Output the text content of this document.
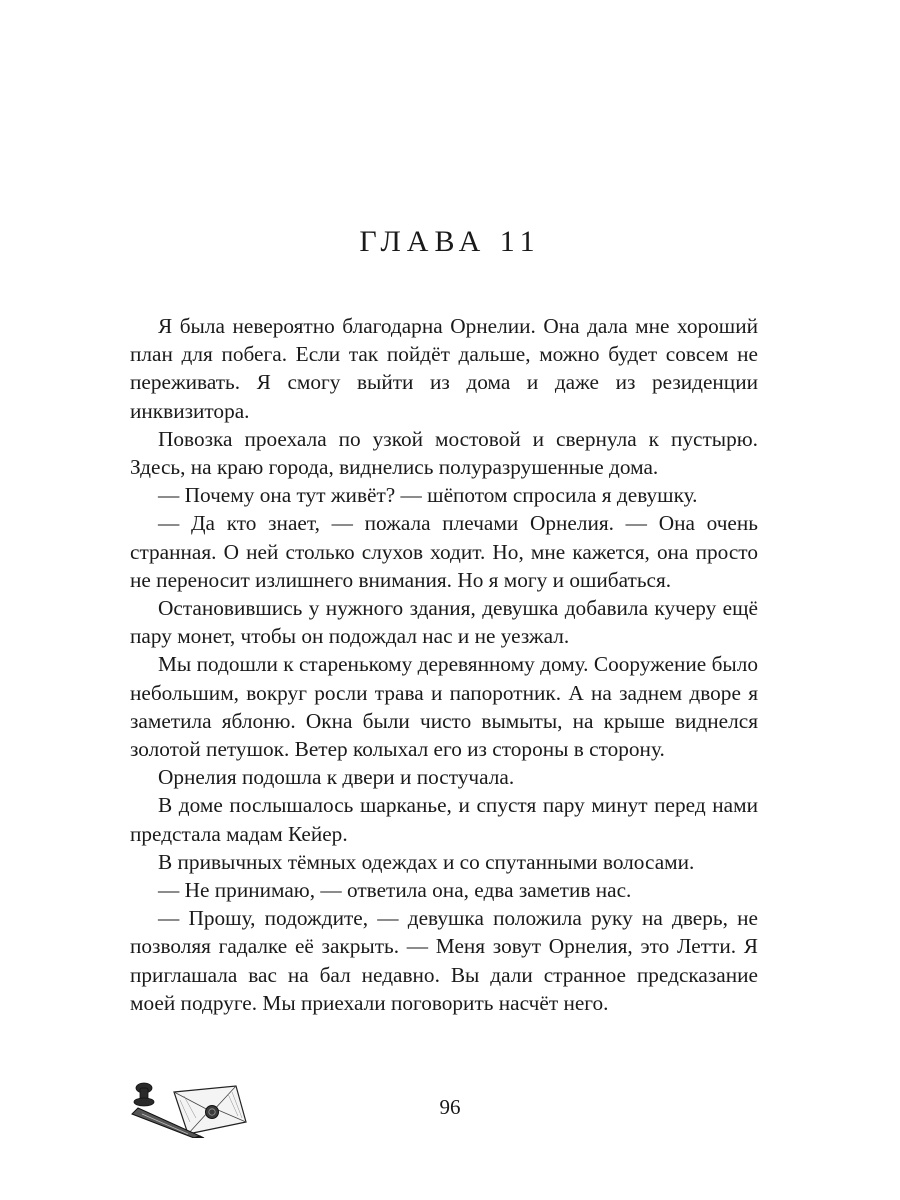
ГЛАВА 11

Я была невероятно благодарна Орнелии. Она дала мне хороший план для побега. Если так пойдёт дальше, можно будет совсем не переживать. Я смогу выйти из дома и даже из резиденции инквизитора.

Повозка проехала по узкой мостовой и свернула к пустырю. Здесь, на краю города, виднелись полуразрушенные дома.

— Почему она тут живёт? — шёпотом спросила я девушку.

— Да кто знает, — пожала плечами Орнелия. — Она очень странная. О ней столько слухов ходит. Но, мне кажется, она просто не переносит излишнего внимания. Но я могу и ошибаться.

Остановившись у нужного здания, девушка добавила кучеру ещё пару монет, чтобы он подождал нас и не уезжал.

Мы подошли к старенькому деревянному дому. Сооружение было небольшим, вокруг росли трава и папоротник. А на заднем дворе я заметила яблоню. Окна были чисто вымыты, на крыше виднелся золотой петушок. Ветер колыхал его из стороны в сторону.

Орнелия подошла к двери и постучала.

В доме послышалось шарканье, и спустя пару минут перед нами предстала мадам Кейер.

В привычных тёмных одеждах и со спутанными волосами.

— Не принимаю, — ответила она, едва заметив нас.

— Прошу, подождите, — девушка положила руку на дверь, не позволяя гадалке её закрыть. — Меня зовут Орнелия, это Летти. Я приглашала вас на бал недавно. Вы дали странное предсказание моей подруге. Мы приехали поговорить насчёт него.

96
